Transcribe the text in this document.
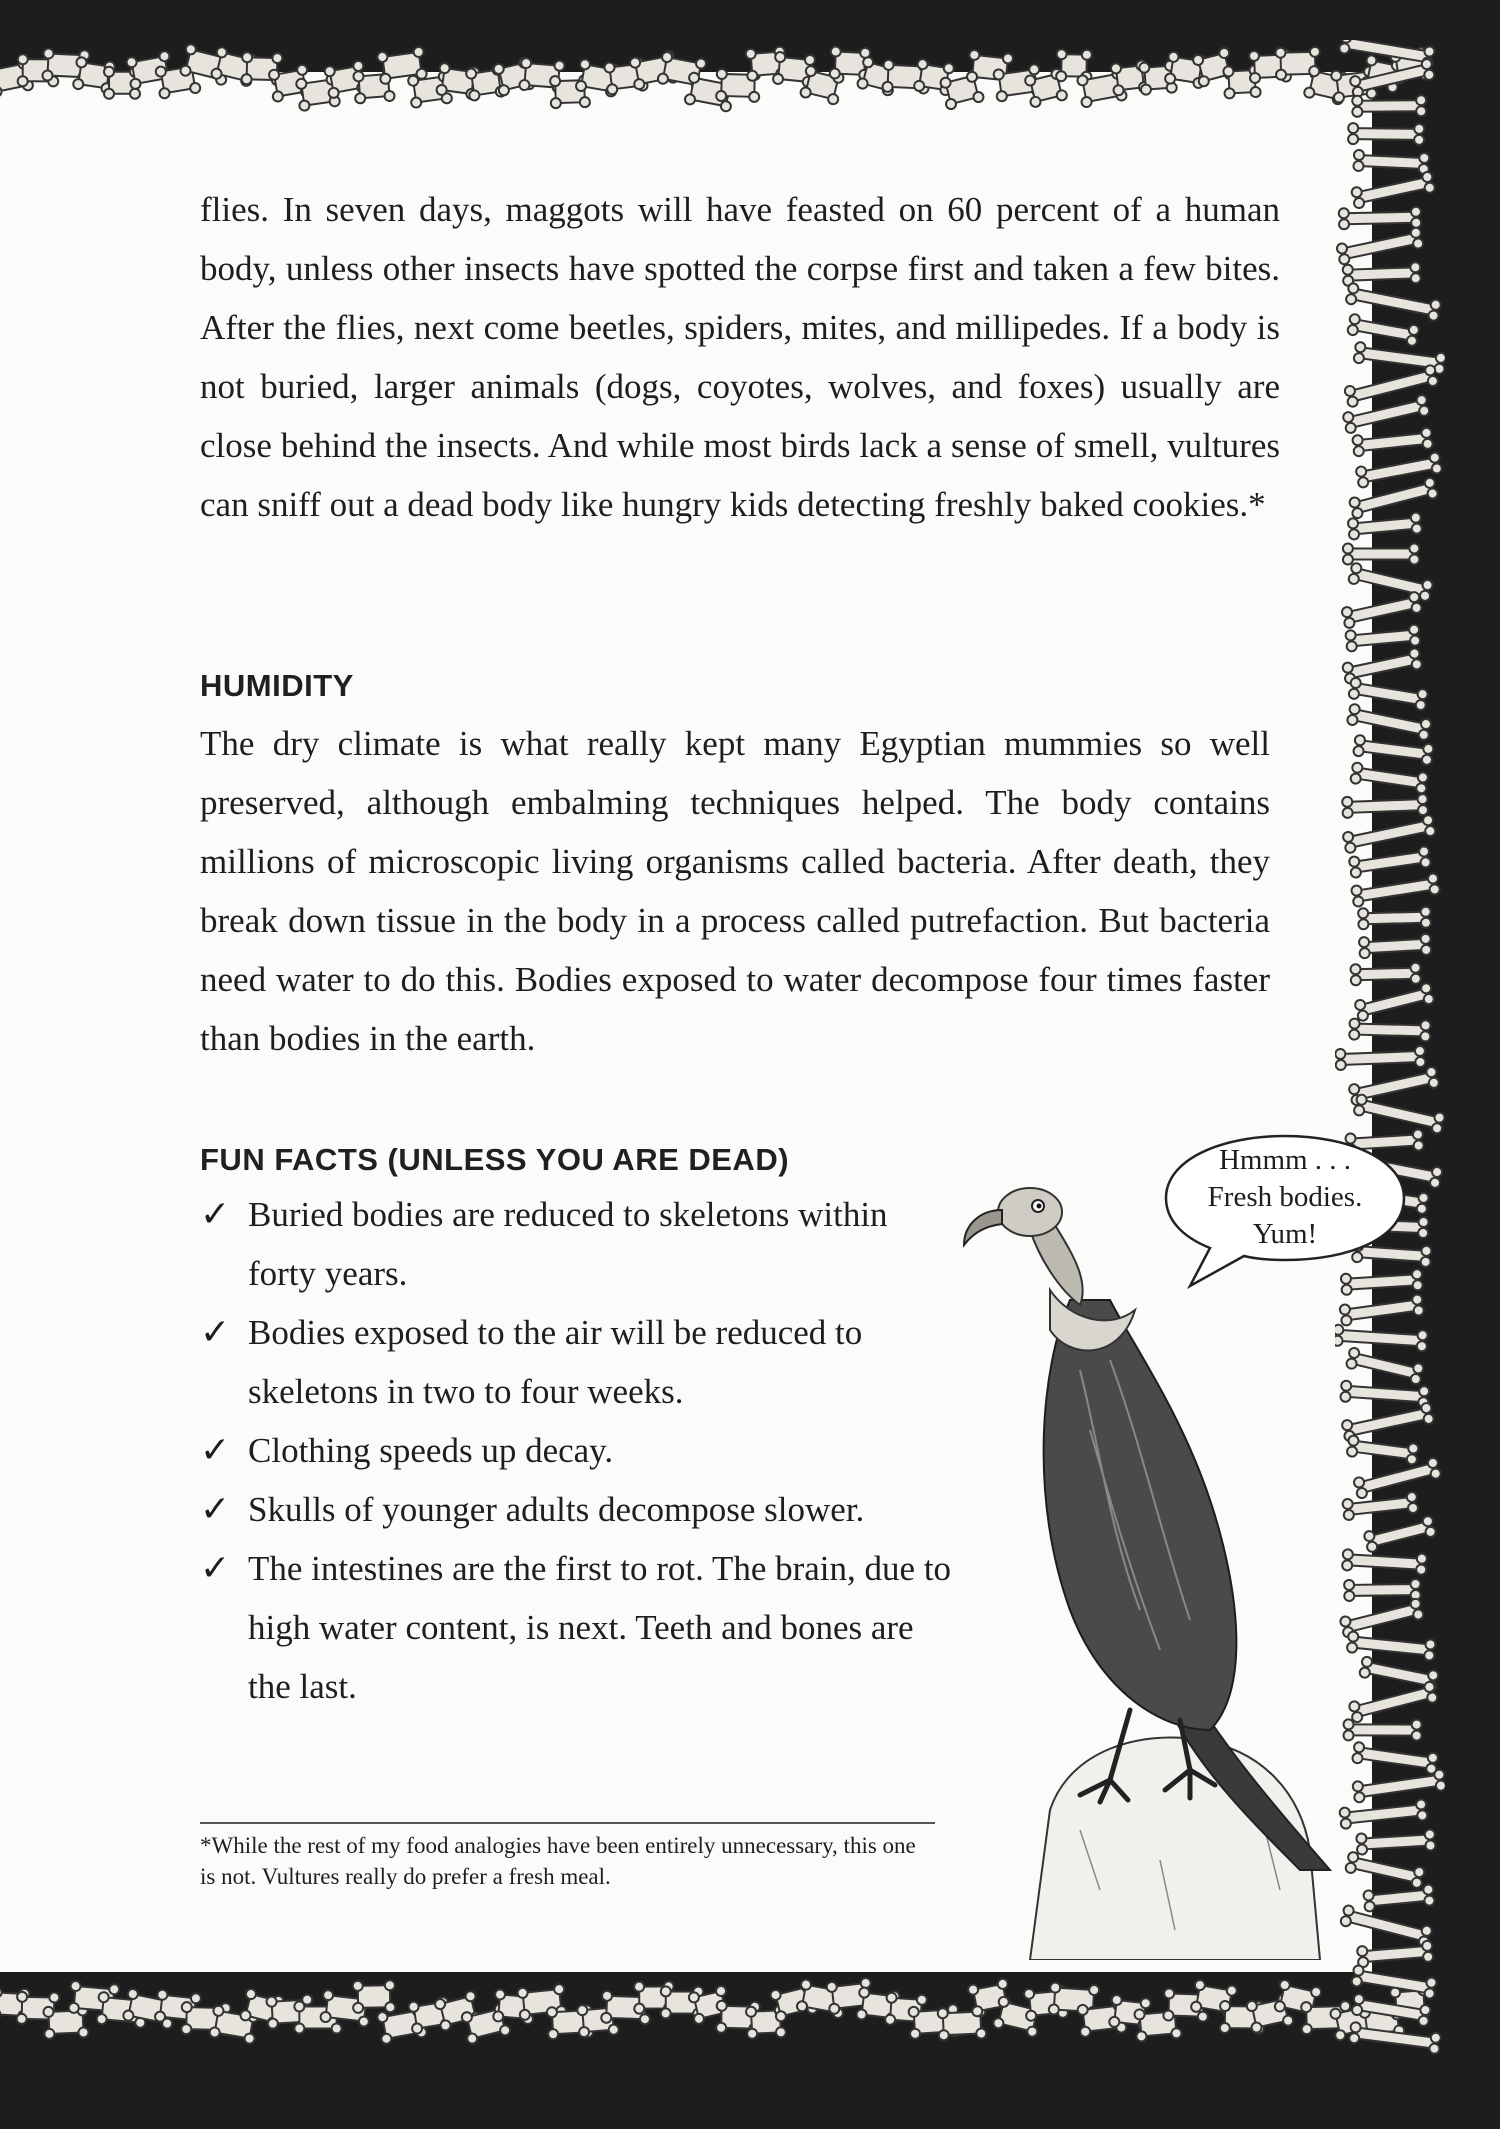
flies. In seven days, maggots will have feasted on 60 percent of a human body, unless other insects have spotted the corpse first and taken a few bites. After the flies, next come beetles, spiders, mites, and millipedes. If a body is not buried, larger animals (dogs, coyotes, wolves, and foxes) usually are close behind the insects. And while most birds lack a sense of smell, vultures can sniff out a dead body like hungry kids detecting freshly baked cookies.*

HUMIDITY

The dry climate is what really kept many Egyptian mummies so well preserved, although embalming techniques helped. The body contains millions of microscopic living organisms called bacteria. After death, they break down tissue in the body in a process called putrefaction. But bacteria need water to do this. Bodies exposed to water decompose four times faster than bodies in the earth.

FUN FACTS (UNLESS YOU ARE DEAD)
✓ Buried bodies are reduced to skeletons within forty years.
✓ Bodies exposed to the air will be reduced to skeletons in two to four weeks.
✓ Clothing speeds up decay.
✓ Skulls of younger adults decompose slower.
✓ The intestines are the first to rot. The brain, due to high water content, is next. Teeth and bones are the last.

*While the rest of my food analogies have been entirely unnecessary, this one is not. Vultures really do prefer a fresh meal.

Hmmm . . .
Fresh bodies.
Yum!
